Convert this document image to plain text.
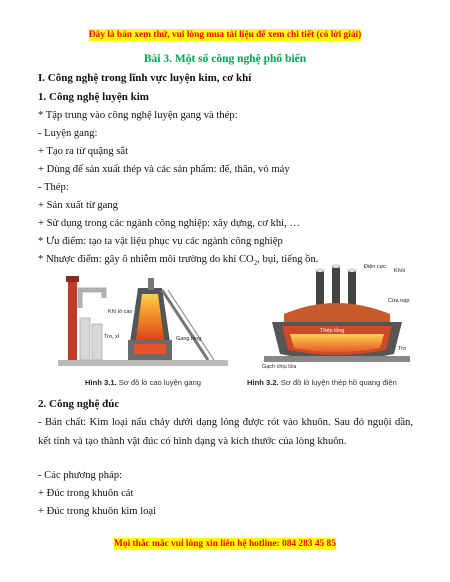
Đây là bản xem thử, vui lòng mua tài liệu để xem chi tiết (có lời giải)
Bài 3. Một số công nghệ phổ biến
I. Công nghệ trong lĩnh vực luyện kim, cơ khí
1. Công nghệ luyện kim
* Tập trung vào công nghệ luyện gang và thép:
- Luyện gang:
+ Tạo ra từ quặng sắt
+ Dùng để sản xuất thép và các sản phẩm: đế, thân, vỏ máy
- Thép:
+ Sản xuất từ gang
+ Sử dụng trong các ngành công nghiệp: xây dựng, cơ khí, …
* Ưu điểm: tạo ta vật liệu phục vụ các ngành công nghiệp
* Nhược điểm: gây ô nhiễm môi trường do khí $CO_2$, bụi, tiếng ồn.
Khí lò cao
Tro, xỉ	Gang lỏng
Hình 3.1. Sơ đồ lò cao luyện gang
Điện cực
Khói
Cửa nạp
Thép lỏng
Tro
Gạch chịu lửa
Hình 3.2. Sơ đồ lò luyện thép hồ quang điện
2. Công nghệ đúc
- Bản chất: Kim loại nấu chảy dưới dạng lỏng được rót vào khuôn. Sau đó nguội dần, kết tinh và tạo thành vật đúc có hình dạng và kích thước của lòng khuôn.
- Các phương pháp:
+ Đúc trong khuôn cát
+ Đúc trong khuôn kim loại
Mọi thắc mắc vui lòng xin liên hệ hotline: 084 283 45 85
